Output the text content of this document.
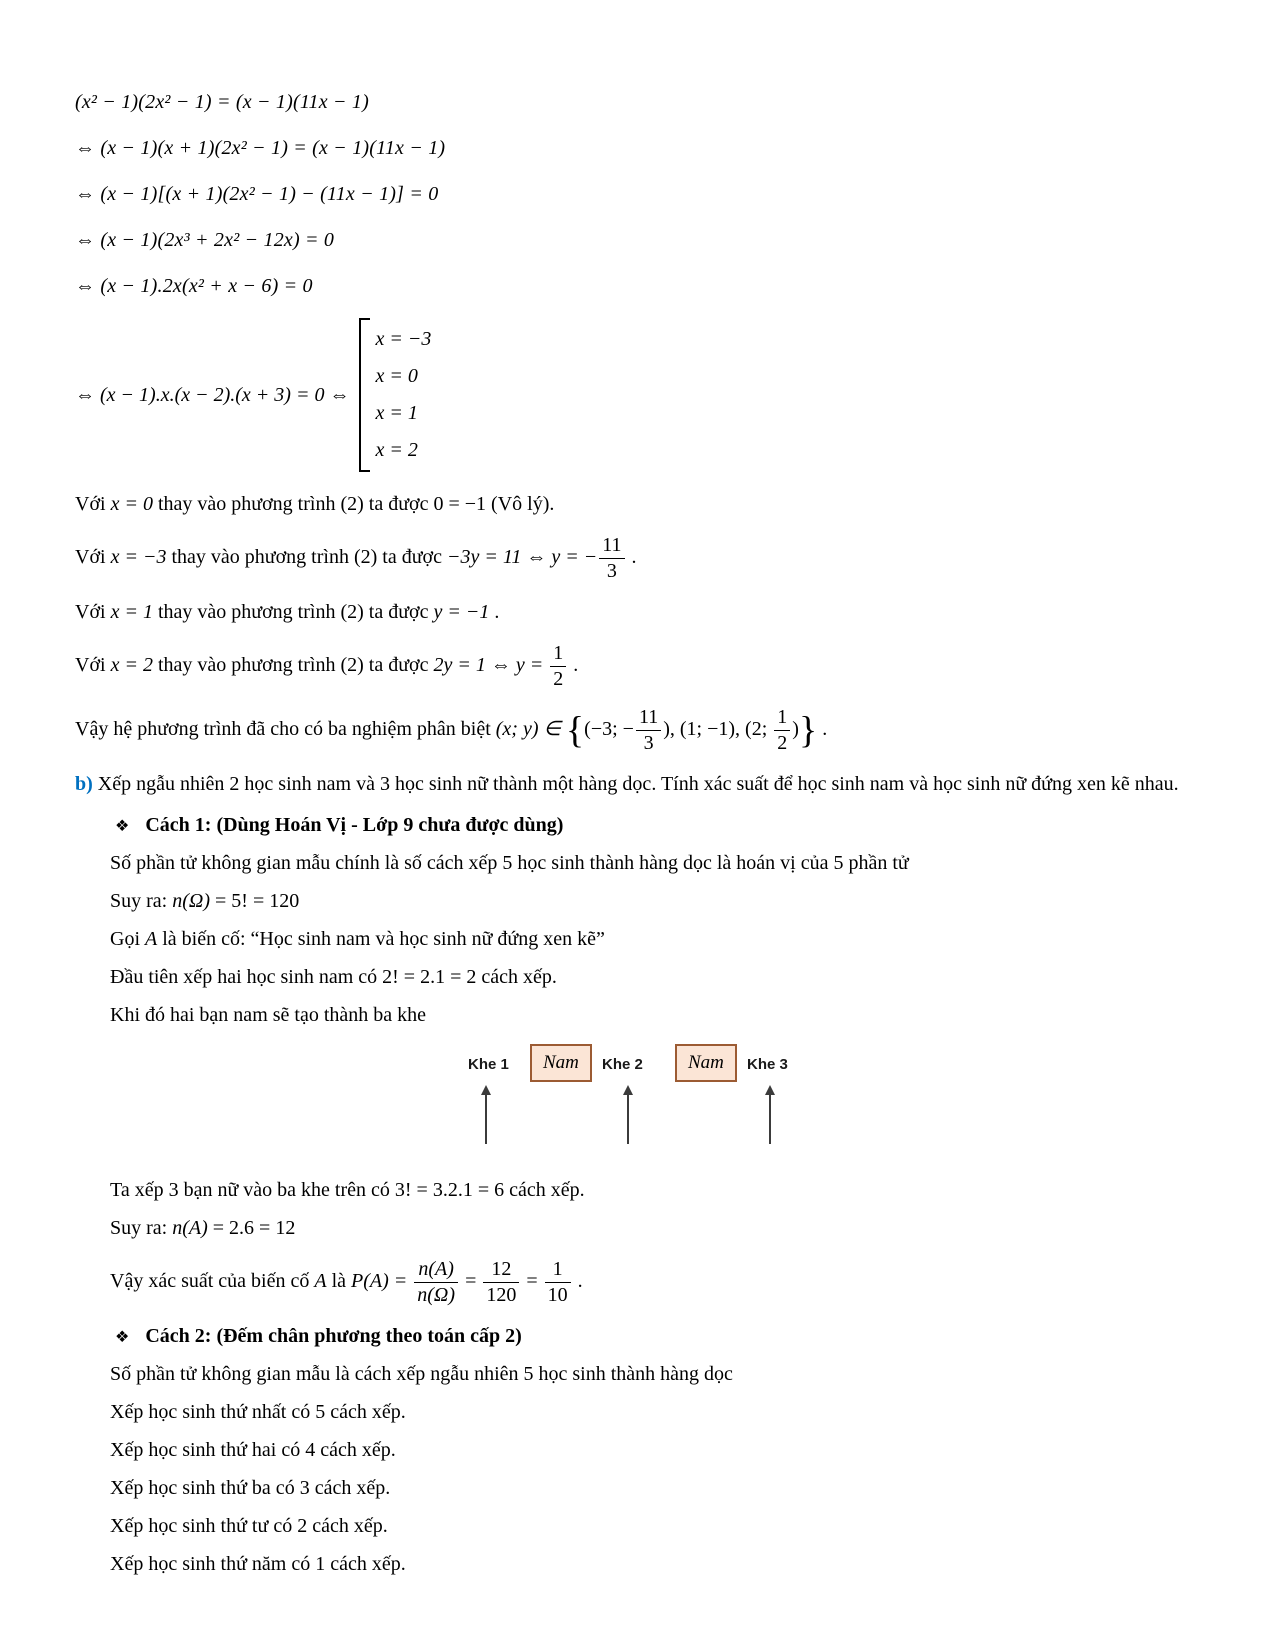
(x² − 1)(2x² − 1) = (x − 1)(11x − 1)
⇔ (x − 1)(x + 1)(2x² − 1) = (x − 1)(11x − 1)
⇔ (x − 1)[(x + 1)(2x² − 1) − (11x − 1)] = 0
⇔ (x − 1)(2x³ + 2x² − 12x) = 0
⇔ (x − 1).2x(x² + x − 6) = 0
⇔ (x − 1).x.(x − 2).(x + 3) = 0 ⇔
x = −3
x = 0
x = 1
x = 2

Với x = 0 thay vào phương trình (2) ta được 0 = −1 (Vô lý).

Với x = −3 thay vào phương trình (2) ta được −3y = 11 ⇔ y = − $\frac{11}{3}$ .

Với x = 1 thay vào phương trình (2) ta được y = −1 .

Với x = 2 thay vào phương trình (2) ta được 2y = 1 ⇔ $y = \frac{1}{2}$ .

Vậy hệ phương trình đã cho có ba nghiệm phân biệt (x; y) ∈ {(−3; − $\frac{11}{3}$ ), (1; −1), (2; $\frac{1}{2}$ )} .

b) Xếp ngẫu nhiên 2 học sinh nam và 3 học sinh nữ thành một hàng dọc. Tính xác suất để học sinh nam và học sinh nữ đứng xen kẽ nhau.

❖ Cách 1: (Dùng Hoán Vị - Lớp 9 chưa được dùng)

Số phần tử không gian mẫu chính là số cách xếp 5 học sinh thành hàng dọc là hoán vị của 5 phần tử

Suy ra: n(Ω) = 5! = 120

Gọi A là biến cố: “Học sinh nam và học sinh nữ đứng xen kẽ”

Đầu tiên xếp hai học sinh nam có 2! = 2.1 = 2 cách xếp.

Khi đó hai bạn nam sẽ tạo thành ba khe

Khe 1	Nam	Khe 2	Nam	Khe 3

Ta xếp 3 bạn nữ vào ba khe trên có 3! = 3.2.1 = 6 cách xếp.

Suy ra: n(A) = 2.6 = 12

Vậy xác suất của biến cố A là $P(A) = \frac{n(A)}{n(\Omega)} = \frac{12}{120} = \frac{1}{10}$ .

❖ Cách 2: (Đếm chân phương theo toán cấp 2)

Số phần tử không gian mẫu là cách xếp ngẫu nhiên 5 học sinh thành hàng dọc

Xếp học sinh thứ nhất có 5 cách xếp.

Xếp học sinh thứ hai có 4 cách xếp.

Xếp học sinh thứ ba có 3 cách xếp.

Xếp học sinh thứ tư có 2 cách xếp.

Xếp học sinh thứ năm có 1 cách xếp.
